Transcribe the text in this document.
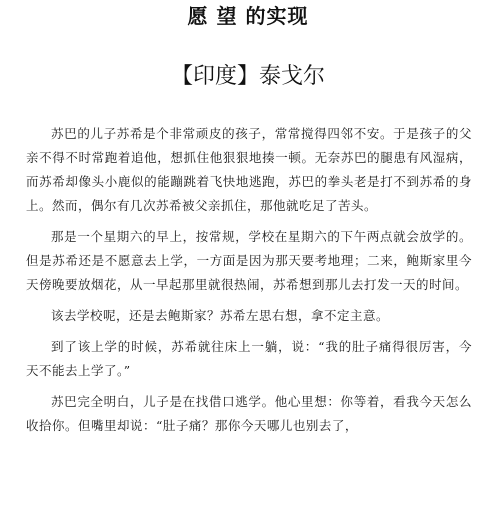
愿 望 的实现
【印度】泰戈尔

苏巴的儿子苏希是个非常顽皮的孩子，常常搅得四邻不安。于是孩子的父亲不得不时常跑着追他，想抓住他狠狠地揍一顿。无奈苏巴的腿患有风湿病，而苏希却像头小鹿似的能蹦跳着飞快地逃跑，苏巴的拳头老是打不到苏希的身上。然而，偶尔有几次苏希被父亲抓住，那他就吃足了苦头。

那是一个星期六的早上，按常规，学校在星期六的下午两点就会放学的。但是苏希还是不愿意去上学，一方面是因为那天要考地理；二来，鲍斯家里今天傍晚要放烟花，从一早起那里就很热闹，苏希想到那儿去打发一天的时间。

该去学校呢，还是去鲍斯家？苏希左思右想，拿不定主意。

到了该上学的时候，苏希就往床上一躺，说：“我的肚子痛得很厉害，今天不能去上学了。”

苏巴完全明白，儿子是在找借口逃学。他心里想：你等着，看我今天怎么收拾你。但嘴里却说：“肚子痛？那你今天哪儿也别去了，
